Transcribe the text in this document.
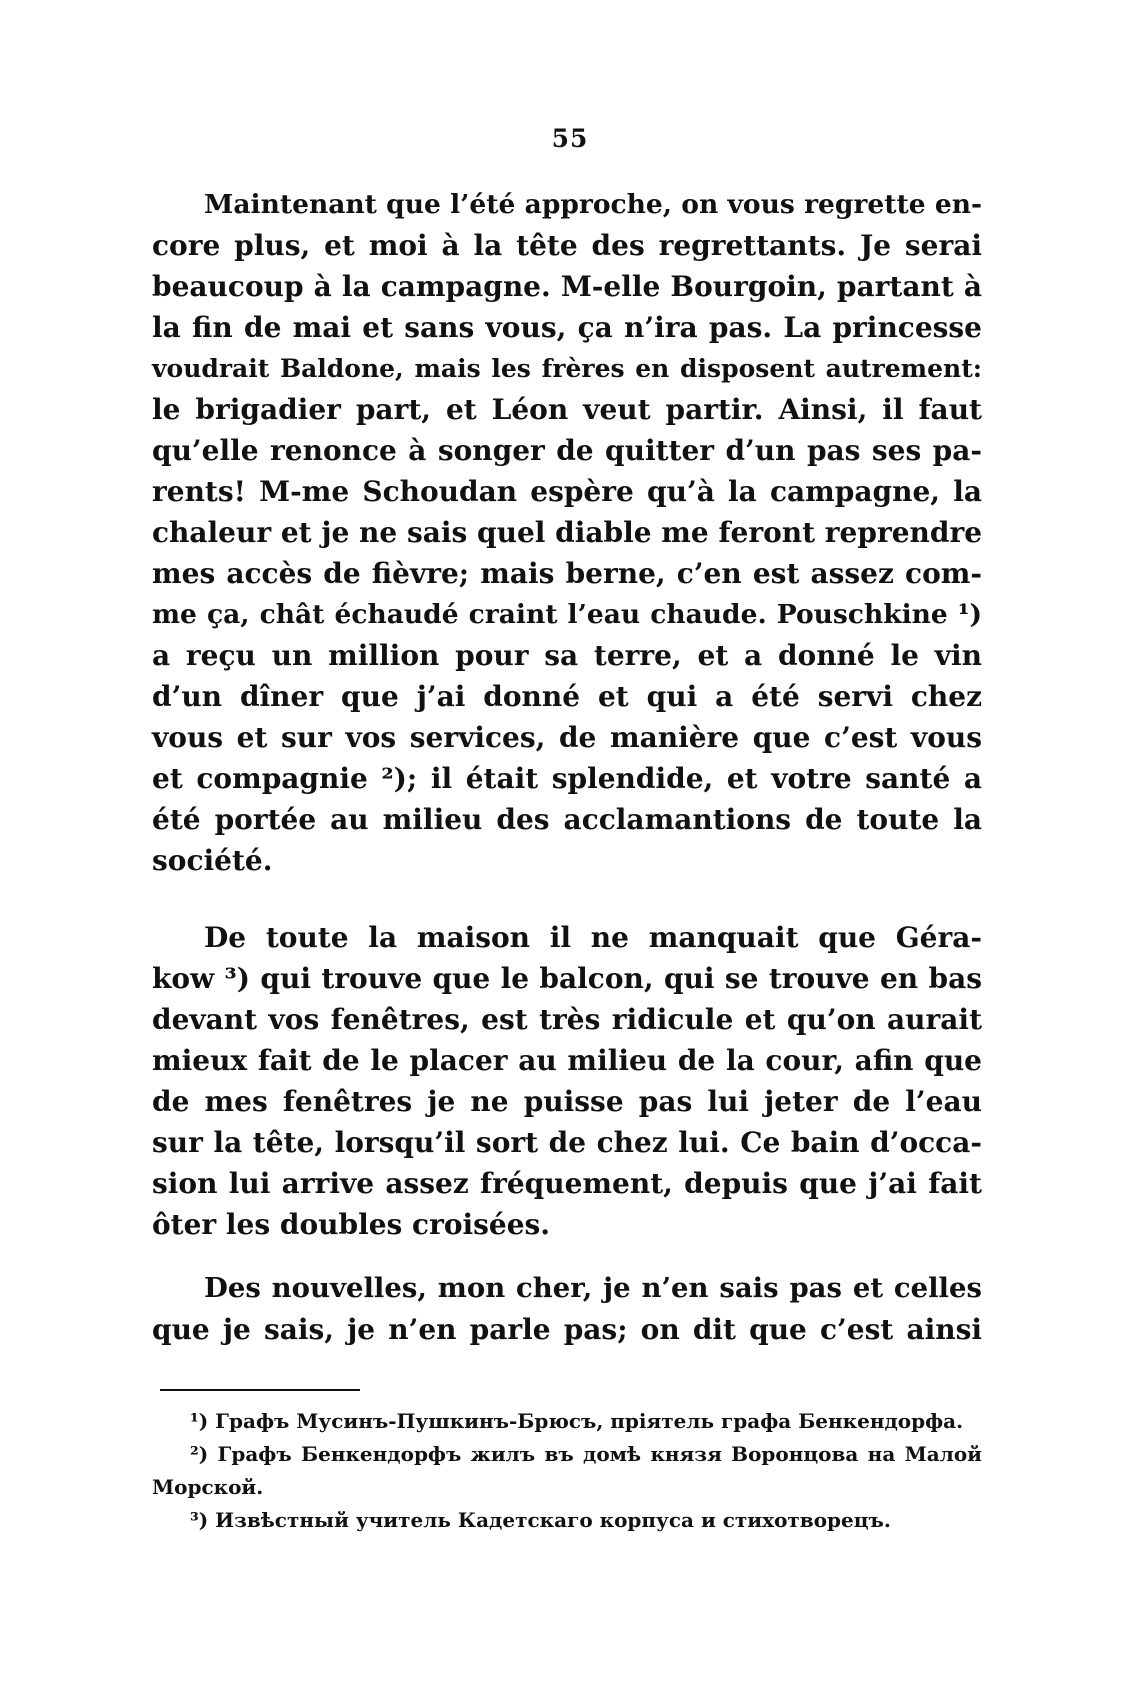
55
Maintenant que l’été approche, on vous regrette en-
core plus, et moi à la tête des regrettants. Je serai
beaucoup à la campagne. M-elle Bourgoin, partant à
la fin de mai et sans vous, ça n’ira pas. La princesse
voudrait Baldone, mais les frères en disposent autrement:
le brigadier part, et Léon veut partir. Ainsi, il faut
qu’elle renonce à songer de quitter d’un pas ses pa-
rents! M-me Schoudan espère qu’à la campagne, la
chaleur et je ne sais quel diable me feront reprendre
mes accès de fièvre; mais berne, c’en est assez com-
me ça, chât échaudé craint l’eau chaude. Pouschkine ¹)
a reçu un million pour sa terre, et a donné le vin
d’un dîner que j’ai donné et qui a été servi chez
vous et sur vos services, de manière que c’est vous
et compagnie ²); il était splendide, et votre santé a
été portée au milieu des acclamantions de toute la
société.
De toute la maison il ne manquait que Géra-
kow ³) qui trouve que le balcon, qui se trouve en bas
devant vos fenêtres, est très ridicule et qu’on aurait
mieux fait de le placer au milieu de la cour, afin que
de mes fenêtres je ne puisse pas lui jeter de l’eau
sur la tête, lorsqu’il sort de chez lui. Ce bain d’occa-
sion lui arrive assez fréquement, depuis que j’ai fait
ôter les doubles croisées.
Des nouvelles, mon cher, je n’en sais pas et celles
que je sais, je n’en parle pas; on dit que c’est ainsi
¹) Графъ Мусинъ-Пушкинъ-Брюсъ, пріятель графа Бенкендорфа.
²) Графъ Бенкендорфъ жилъ въ домѣ князя Воронцова на Малой
Морской.
³) Извѣстный учитель Кадетскаго корпуса и стихотворецъ.
